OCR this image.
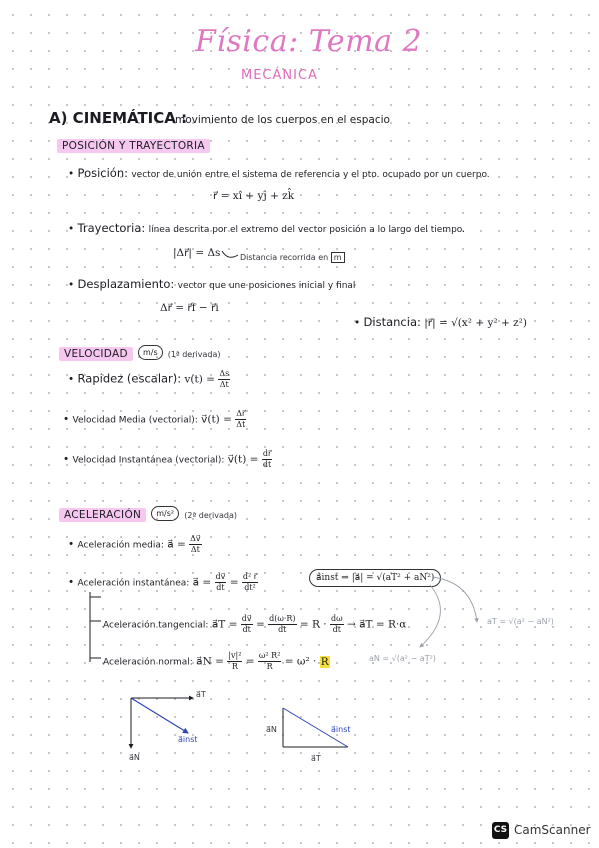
Física: Tema 2
MECÁNICA
A) CINEMÁTICA :
movimiento de los cuerpos en el espacio
POSICIÓN Y TRAYECTORIA
• Posición: vector de unión entre el sistema de referencia y el pto. ocupado por un cuerpo.
r⃗ = xî + yĵ + zk̂
• Trayectoria: línea descrita por el extremo del vector posición a lo largo del tiempo.
|Δr⃗| = Δs Distancia recorrida en m
• Desplazamiento: vector que une posiciones inicial y final
Δr⃗ = r⃗f − r⃗i
• Distancia: |r⃗| = √(x² + y² + z²)
VELOCIDAD m/s (1ª derivada)
• Rapidez (escalar): $v(t) = \frac{\Delta s}{\Delta t}$
• Velocidad Media (vectorial): v⃗(t) = $\frac{\Delta r⃗}{\Delta t}$
• Velocidad Instantánea (vectorial): v⃗(t) = $\frac{dr⃗}{dt}$
ACELERACIÓN m/s² (2ª derivada)
• Aceleración media: a⃗ = $\frac{\Delta v⃗}{\Delta t}$
• Aceleración instantánea: a⃗ = $\frac{dv⃗}{dt} = \frac{\text{d² r⃗}}{\text{dt²}}$	a⃗inst ⇒ |a⃗| = √(aT² + aN²)
aT = √(a² − aN²)
Aceleración tangencial: a⃗T = $\frac{dv⃗}{dt} = \frac{d(\omega\cdot R)}{dt} = R \cdot \frac{d\omega}{dt}$ → a⃗T = R·α
Aceleración normal: a⃗N = $\frac{\text{|v|²}}{R} = \frac{\text{ω² R²}}{R} = \omega^2 \cdot R$	aN = √(a² − aT²)
a⃗T
a⃗inst
a⃗N
a⃗N	a⃗inst
a⃗T
CS CamScanner
